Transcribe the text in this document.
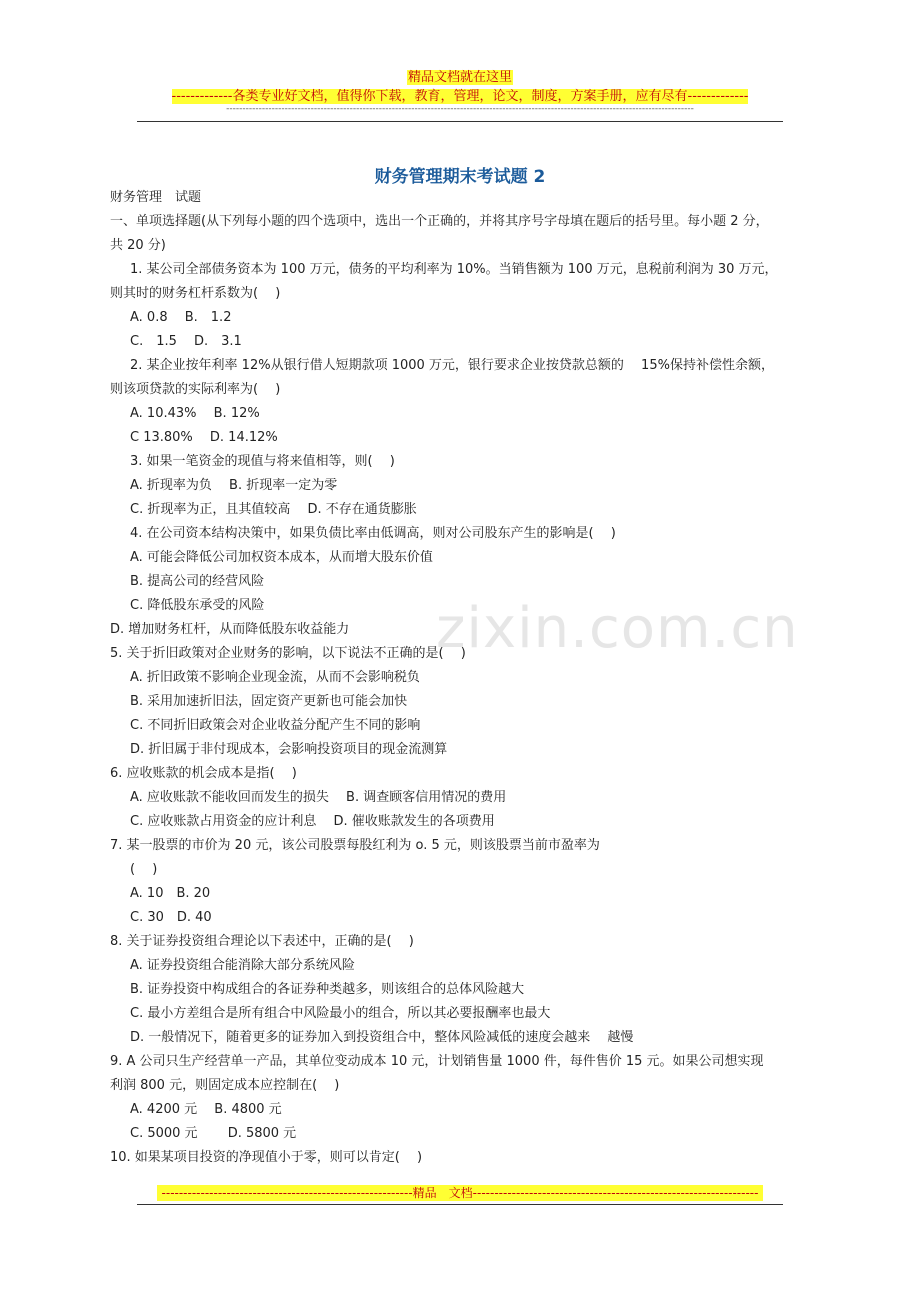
精品文档就在这里
-------------各类专业好文档，值得你下载，教育，管理，论文，制度，方案手册，应有尽有-------------
------------------------------------------------------------------------------------------------------------------------------------------------
财务管理期末考试题 2
zixin.com.cn
财务管理　试题
一、单项选择题(从下列每小题的四个选项中，选出一个正确的，并将其序号字母填在题后的括号里。每小题 2 分，
共 20 分)
1. 某公司全部债务资本为 100 万元，债务的平均利率为 10%。当销售额为 100 万元，息税前利润为 30 万元，
则其时的财务杠杆系数为(　 )
A. 0.8　 B.　1.2
C.　1.5　 D.　3.1
2. 某企业按年利率 12%从银行借人短期款项 1000 万元，银行要求企业按贷款总额的　 15%保持补偿性余额，
则该项贷款的实际利率为(　 )
A. 10.43%　 B. 12%
C 13.80%　 D. 14.12%
3. 如果一笔资金的现值与将来值相等，则(　 )
A. 折现率为负　 B. 折现率一定为零
C. 折现率为正，且其值较高　 D. 不存在通货膨胀
4. 在公司资本结构决策中，如果负债比率由低调高，则对公司股东产生的影响是(　 )
A. 可能会降低公司加权资本成本，从而增大股东价值
B. 提高公司的经营风险
C. 降低股东承受的风险
D. 增加财务杠杆，从而降低股东收益能力
5. 关于折旧政策对企业财务的影响，以下说法不正确的是(　 )
A. 折旧政策不影响企业现金流，从而不会影响税负
B. 采用加速折旧法，固定资产更新也可能会加快
C. 不同折旧政策会对企业收益分配产生不同的影响
D. 折旧属于非付现成本，会影响投资项目的现金流测算
6. 应收账款的机会成本是指(　 )
A. 应收账款不能收回而发生的损失　 B. 调查顾客信用情况的费用
C. 应收账款占用资金的应计利息　 D. 催收账款发生的各项费用
7. 某一股票的市价为 20 元，该公司股票每股红利为 o. 5 元，则该股票当前市盈率为
(　 )
A. 10　B. 20
C. 30　D. 40
8. 关于证券投资组合理论以下表述中，正确的是(　 )
A. 证券投资组合能消除大部分系统风险
B. 证券投资中构成组合的各证券种类越多，则该组合的总体风险越大
C. 最小方差组合是所有组合中风险最小的组合，所以其必要报酬率也最大
D. 一般情况下，随着更多的证券加入到投资组合中，整体风险减低的速度会越来　 越慢
9. A 公司只生产经营单一产品，其单位变动成本 10 元，计划销售量 1000 件，每件售价 15 元。如果公司想实现
利润 800 元，则固定成本应控制在(　 )
A. 4200 元　 B. 4800 元
C. 5000 元　　 D. 5800 元
10. 如果某项目投资的净现值小于零，则可以肯定(　 )
----------------------------------------------------------精品　文档------------------------------------------------------------------
